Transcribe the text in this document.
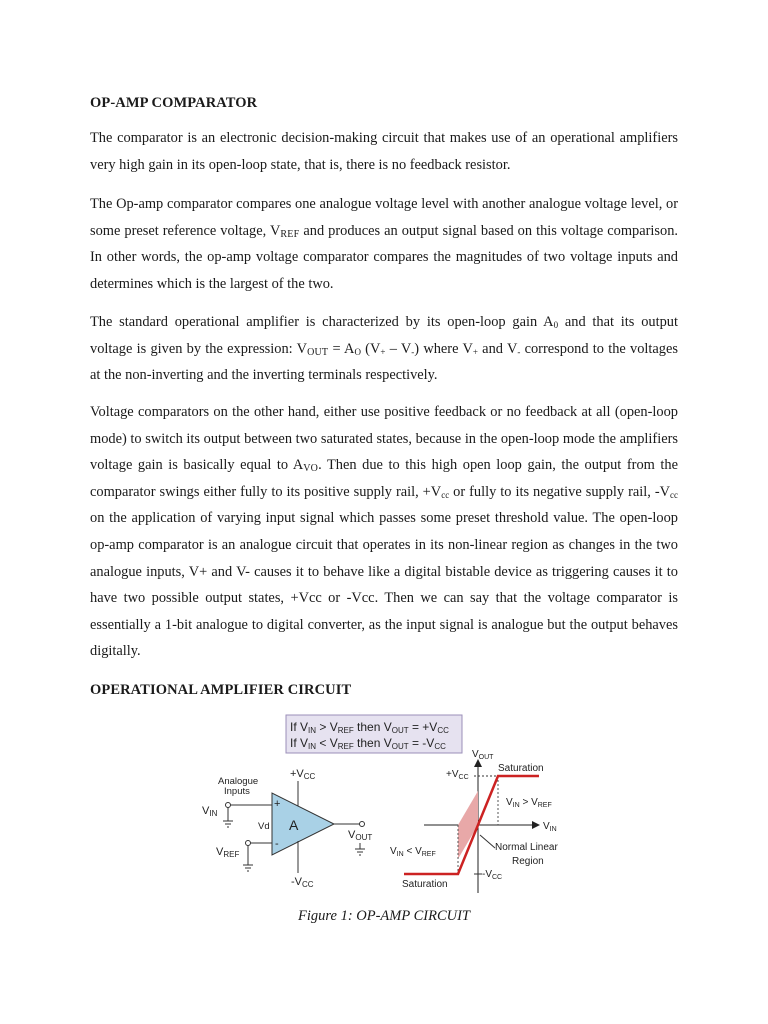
OP-AMP COMPARATOR

The comparator is an electronic decision-making circuit that makes use of an operational amplifiers very high gain in its open-loop state, that is, there is no feedback resistor.

The Op-amp comparator compares one analogue voltage level with another analogue voltage level, or some preset reference voltage, $V_{REF}$ and produces an output signal based on this voltage comparison. In other words, the op-amp voltage comparator compares the magnitudes of two voltage inputs and determines which is the largest of the two.

The standard operational amplifier is characterized by its open-loop gain $A_0$ and that its output voltage is given by the expression: $V_{OUT} = A_O$ $(V_+ - V_-)$ where $V_+$ and $V_-$ correspond to the voltages at the non-inverting and the inverting terminals respectively.

Voltage comparators on the other hand, either use positive feedback or no feedback at all (open-loop mode) to switch its output between two saturated states, because in the open-loop mode the amplifiers voltage gain is basically equal to $A_{VO}$. Then due to this high open loop gain, the output from the comparator swings either fully to its positive supply rail, $+V_{cc}$ or fully to its negative supply rail, $-V_{cc}$ on the application of varying input signal which passes some preset threshold value. The open-loop op-amp comparator is an analogue circuit that operates in its non-linear region as changes in the two analogue inputs, V+ and V- causes it to behave like a digital bistable device as triggering causes it to have two possible output states, +Vcc or -Vcc. Then we can say that the voltage comparator is essentially a 1-bit analogue to digital converter, as the input signal is analogue but the output behaves digitally.

OPERATIONAL AMPLIFIER CIRCUIT
If VIN > VREF then VOUT = +VCC
If VIN < VREF then VOUT = -VCC
Analogue
Inputs
+VCC
VIN
VREF
+
-
Vd A
VOUT
-VCC
$V_{OUT}$
$V_{IN}$
$+V_{CC}$
Saturation
$V_{IN} > V_{REF}$
Normal Linear
Region
$V_{IN} < V_{REF}$
$-V_{CC}$
Saturation
Figure 1: OP-AMP CIRCUIT
